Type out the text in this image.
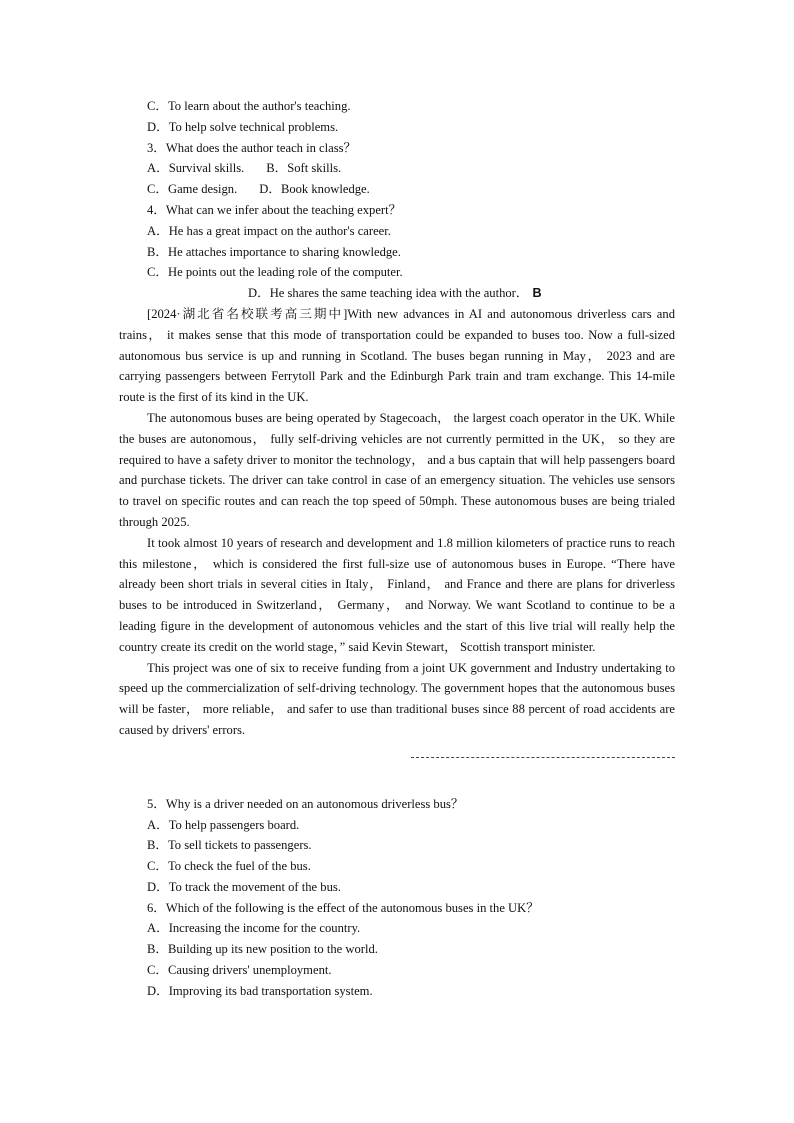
C．To learn about the author's teaching.
D．To help solve technical problems.
3．What does the author teach in class？
A．Survival skills. B．Soft skills.
C．Game design. D．Book knowledge.
4．What can we infer about the teaching expert？
A．He has a great impact on the author's career.
B．He attaches importance to sharing knowledge.
C．He points out the leading role of the computer.
D．He shares the same teaching idea with the author． B

[2024·湖北省名校联考高三期中]With new advances in AI and autonomous driverless cars and trains， it makes sense that this mode of transportation could be expanded to buses too. Now a full-sized autonomous bus service is up and running in Scotland. The buses began running in May， 2023 and are carrying passengers between Ferrytoll Park and the Edinburgh Park train and tram exchange. This 14-mile route is the first of its kind in the UK.

The autonomous buses are being operated by Stagecoach， the largest coach operator in the UK. While the buses are autonomous， fully self-driving vehicles are not currently permitted in the UK， so they are required to have a safety driver to monitor the technology， and a bus captain that will help passengers board and purchase tickets. The driver can take control in case of an emergency situation. The vehicles use sensors to travel on specific routes and can reach the top speed of 50mph. These autonomous buses are being trialed through 2025.

It took almost 10 years of research and development and 1.8 million kilometers of practice runs to reach this milestone， which is considered the first full-size use of autonomous buses in Europe. “There have already been short trials in several cities in Italy， Finland， and France and there are plans for driverless buses to be introduced in Switzerland， Germany， and Norway. We want Scotland to continue to be a leading figure in the development of autonomous vehicles and the start of this live trial will really help the country create its credit on the world stage，” said Kevin Stewart， Scottish transport minister.

This project was one of six to receive funding from a joint UK government and Industry undertaking to speed up the commercialization of self-driving technology. The government hopes that the autonomous buses will be faster， more reliable， and safer to use than traditional buses since 88 percent of road accidents are caused by drivers' errors.

5．Why is a driver needed on an autonomous driverless bus？
A．To help passengers board.
B．To sell tickets to passengers.
C．To check the fuel of the bus.
D．To track the movement of the bus.
6．Which of the following is the effect of the autonomous buses in the UK？
A．Increasing the income for the country.
B．Building up its new position to the world.
C．Causing drivers' unemployment.
D．Improving its bad transportation system.
